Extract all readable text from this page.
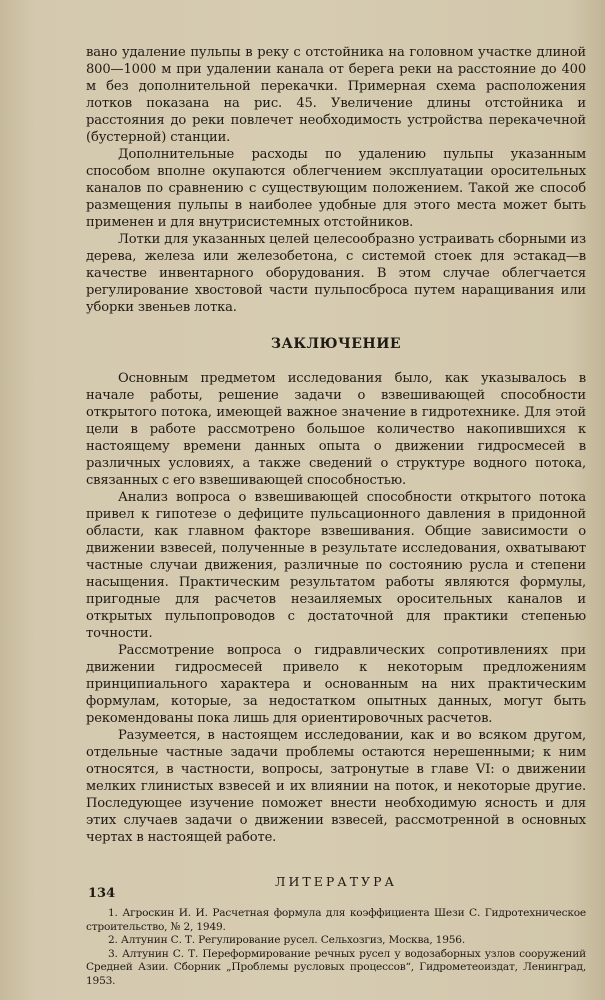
вано удаление пульпы в реку с отстойника на головном участке длиной 800—1000 м при удалении канала от берега реки на расстояние до 400 м без дополнительной перекачки. Примерная схема расположения лотков показана на рис. 45. Увеличение длины отстойника и расстояния до реки повлечет необходимость устройства перекачечной (бустерной) станции.

Дополнительные расходы по удалению пульпы указанным способом вполне окупаются облегчением эксплуатации оросительных каналов по сравнению с существующим положением. Такой же способ размещения пульпы в наиболее удобные для этого места может быть применен и для внутрисистемных отстойников.

Лотки для указанных целей целесообразно устраивать сборными из дерева, железа или железобетона, с системой стоек для эстакад—в качестве инвентарного оборудования. В этом случае облегчается регулирование хвостовой части пульпосброса путем наращивания или уборки звеньев лотка.

ЗАКЛЮЧЕНИЕ

Основным предметом исследования было, как указывалось в начале работы, решение задачи о взвешивающей способности открытого потока, имеющей важное значение в гидротехнике. Для этой цели в работе рассмотрено большое количество накопившихся к настоящему времени данных опыта о движении гидросмесей в различных условиях, а также сведений о структуре водного потока, связанных с его взвешивающей способностью.

Анализ вопроса о взвешивающей способности открытого потока привел к гипотезе о дефиците пульсационного давления в придонной области, как главном факторе взвешивания. Общие зависимости о движении взвесей, полученные в результате исследования, охватывают частные случаи движения, различные по состоянию русла и степени насыщения. Практическим результатом работы являются формулы, пригодные для расчетов незаиляемых оросительных каналов и открытых пульпопроводов с достаточной для практики степенью точности.

Рассмотрение вопроса о гидравлических сопротивлениях при движении гидросмесей привело к некоторым предложениям принципиального характера и основанным на них практическим формулам, которые, за недостатком опытных данных, могут быть рекомендованы пока лишь для ориентировочных расчетов.

Разумеется, в настоящем исследовании, как и во всяком другом, отдельные частные задачи проблемы остаются нерешенными; к ним относятся, в частности, вопросы, затронутые в главе VI: о движении мелких глинистых взвесей и их влиянии на поток, и некоторые другие. Последующее изучение поможет внести необходимую ясность и для этих случаев задачи о движении взвесей, рассмотренной в основных чертах в настоящей работе.

ЛИТЕРАТУРА

1. Агроскин И. И. Расчетная формула для коэффициента Шези С. Гидротехническое строительство, № 2, 1949.

2. Алтунин С. Т. Регулирование русел. Сельхозгиз, Москва, 1956.

3. Алтунин С. Т. Переформирование речных русел у водозаборных узлов сооружений Средней Азии. Сборник „Проблемы русловых процессов“, Гидрометеоиздат, Ленинград, 1953.

134
